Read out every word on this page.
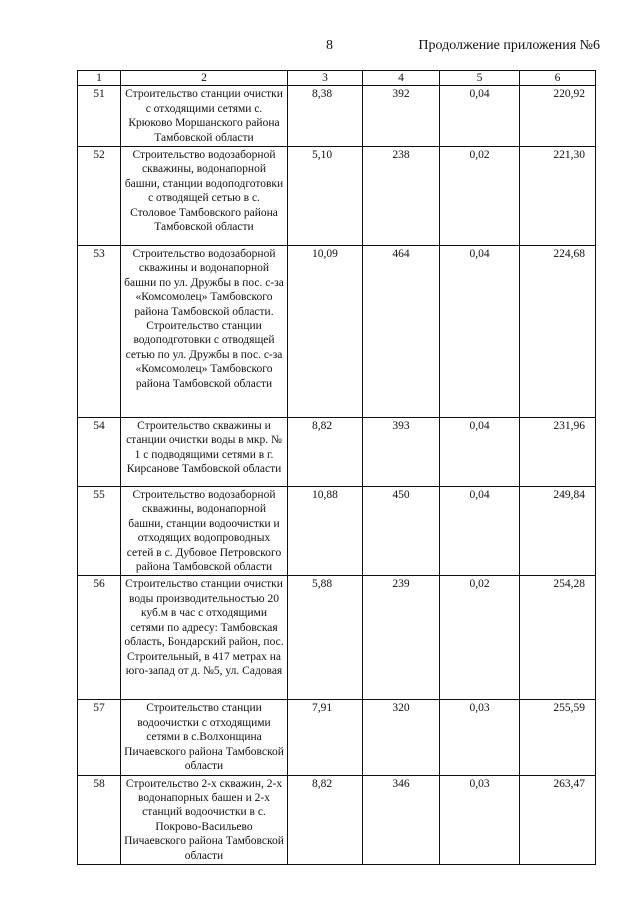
8	Продолжение приложения №6
1	2	3	4	5	6
51	Строительство станции очистки с отходящими сетями с. Крюково Моршанского района Тамбовской области	8,38	392	0,04	220,92
52	Строительство водозаборной скважины, водонапорной башни, станции водоподготовки с отводящей сетью в с. Столовое Тамбовского района Тамбовской области	5,10	238	0,02	221,30
53	Строительство водозаборной скважины и водонапорной башни по ул. Дружбы в пос. с-за «Комсомолец» Тамбовского района Тамбовской области. Строительство станции водоподготовки с отводящей сетью по ул. Дружбы в пос. с-за «Комсомолец» Тамбовского района Тамбовской области	10,09	464	0,04	224,68
54	Строительство скважины и станции очистки воды в мкр. № 1 с подводящими сетями в г. Кирсанове Тамбовской области	8,82	393	0,04	231,96
55	Строительство водозаборной скважины, водонапорной башни, станции водоочистки и отходящих водопроводных сетей в с. Дубовое Петровского района Тамбовской области	10,88	450	0,04	249,84
56	Строительство станции очистки воды производительностью 20 куб.м в час с отходящими сетями по адресу: Тамбовская область, Бондарский район, пос. Строительный, в 417 метрах на юго-запад от д. №5, ул. Садовая	5,88	239	0,02	254,28
57	Строительство станции водоочистки с отходящими сетями в с.Волхонщина Пичаевского района Тамбовской области	7,91	320	0,03	255,59
58	Строительство 2-х скважин, 2-х водонапорных башен и 2-х станций водоочистки в с. Покрово-Васильево Пичаевского района Тамбовской области	8,82	346	0,03	263,47
